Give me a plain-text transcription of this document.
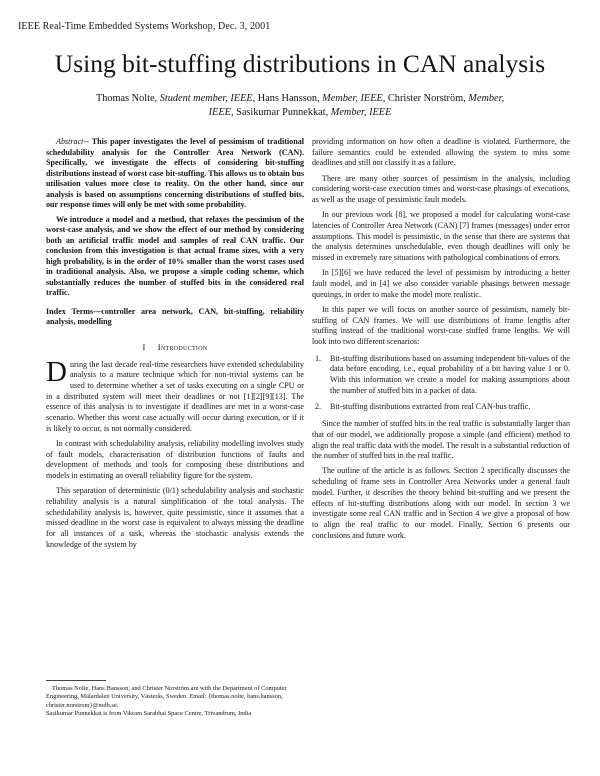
IEEE Real-Time Embedded Systems Workshop, Dec. 3, 2001
Using bit-stuffing distributions in CAN analysis
Thomas Nolte, Student member, IEEE, Hans Hansson, Member, IEEE, Christer Norström, Member,
IEEE, Sasikumar Punnekkat, Member, IEEE

Abstract-- This paper investigates the level of pessimism of traditional schedulability analysis for the Controller Area Network (CAN). Specifically, we investigate the effects of considering bit-stuffing distributions instead of worst case bit-stuffing. This allows us to obtain bus utilisation values more close to reality. On the other hand, since our analysis is based on assumptions concerning distributions of stuffed bits, our response times will only be met with some probability.

We introduce a model and a method, that relaxes the pessimism of the worst-case analysis, and we show the effect of our method by considering both an artificial traffic model and samples of real CAN traffic. Our conclusion from this investigation is that actual frame sizes, with a very high probability, is in the order of 10% smaller than the worst cases used in traditional analysis. Also, we propose a simple coding scheme, which substantially reduces the number of stuffed bits in the considered real traffic.

Index Terms—controller area network, CAN, bit-stuffing, reliability analysis, modelling

I Introduction

During the last decade real-time researchers have extended schedulability analysis to a mature technique which for non-trivial systems can be used to determine whether a set of tasks executing on a single CPU or in a distributed system will meet their deadlines or not [1][2][9][13]. The essence of this analysis is to investigate if deadlines are met in a worst-case scenario. Whether this worst case actually will occur during execution, or if it is likely to occur, is not normally considered.

In contrast with schedulability analysis, reliability modelling involves study of fault models, characterisation of distribution functions of faults and development of methods and tools for composing these distributions and models in estimating an overall reliability figure for the system.

This separation of deterministic (0/1) schedulability analysis and stochastic reliability analysis is a natural simplification of the total analysis. The schedulability analysis is, however, quite pessimistic, since it assumes that a missed deadline in the worst case is equivalent to always missing the deadline for all instances of a task, whereas the stochastic analysis extends the knowledge of the system by

providing information on how often a deadline is violated. Furthermore, the failure semantics could be extended allowing the system to miss some deadlines and still not classify it as a failure.

There are many other sources of pessimism in the analysis, including considering worst-case execution times and worst-case phasings of executions, as well as the usage of pessimistic fault models.

In our previous work [8], we proposed a model for calculating worst-case latencies of Controller Area Network (CAN) [7] frames (messages) under error assumptions. This model is pessimistic, in the sense that there are systems that the analysis determines unschedulable, even though deadlines will only be missed in extremely rare situations with pathological combinations of errors.

In [5][6] we have reduced the level of pessimism by introducing a better fault model, and in [4] we also consider variable phasings between message queuings, in order to make the model more realistic.

In this paper we will focus on another source of pessimism, namely bit-stuffing of CAN frames. We will use distributions of frame lengths after stuffing instead of the traditional worst-case stuffed frame lengths. We will look into two different scenarios:

1. Bit-stuffing distributions based on assuming independent bit-values of the data before encoding, i.e., equal probability of a bit having value 1 or 0. With this information we create a model for making assumptions about the number of stuffed bits in a packet of data.
2. Bit-stuffing distributions extracted from real CAN-bus traffic.

Since the number of stuffed bits in the real traffic is substantially larger than that of our model, we additionally propose a simple (and efficient) method to align the real traffic data with the model. The result is a substantial reduction of the number of stuffed bits in the real traffic.

The outline of the article is as follows. Section 2 specifically discusses the scheduling of frame sets in Controller Area Networks under a general fault model. Further, it describes the theory behind bit-stuffing and we present the effects of bit-stuffing distributions along with our model. In section 3 we investigate some real CAN traffic and in Section 4 we give a proposal of how to align the real traffic to our model. Finally, Section 6 presents our conclusions and future work.

Thomas Nolte, Hans Hansson, and Christer Norström are with the Department of Computer Engineering, Mälardalen University, Västerås, Sweden. Email: {thomas.nolte, hans.hansson, christer.norstrom}@mdh.se.

Sasikumar Punnekkat is from Vikram Sarabhai Space Centre, Trivandrum, India
